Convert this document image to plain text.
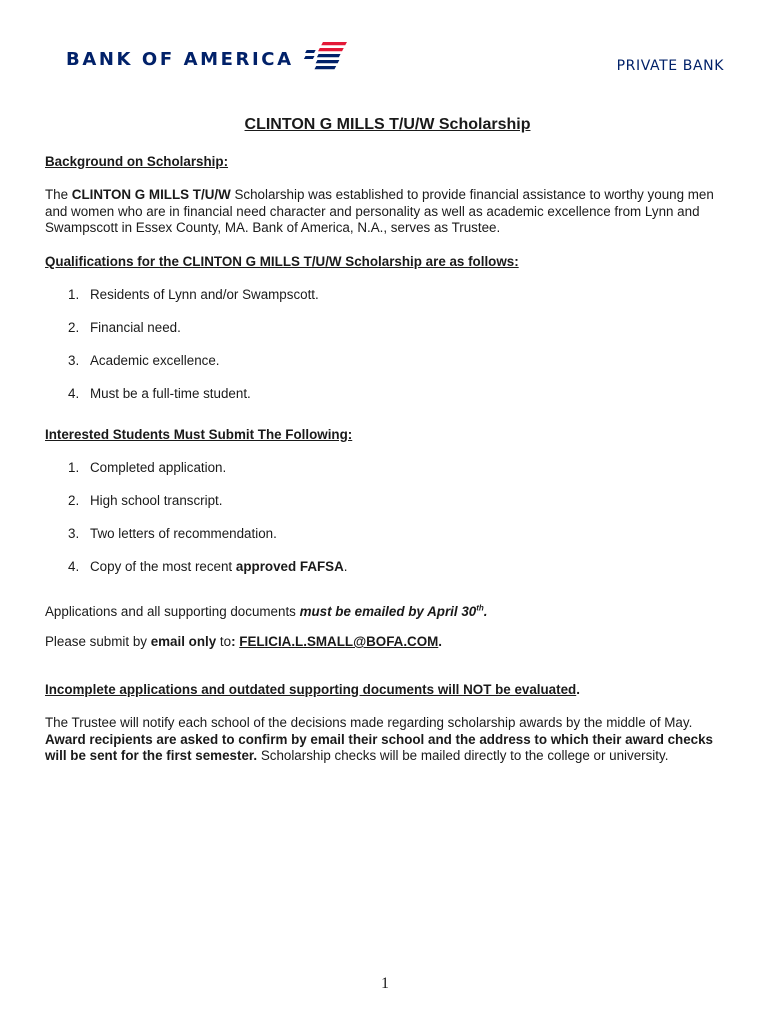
BANK OF AMERICA	PRIVATE BANK
CLINTON G MILLS T/U/W Scholarship
Background on Scholarship:

The CLINTON G MILLS T/U/W Scholarship was established to provide financial assistance to worthy young men and women who are in financial need character and personality as well as academic excellence from Lynn and Swampscott in Essex County, MA. Bank of America, N.A., serves as Trustee.

Qualifications for the CLINTON G MILLS T/U/W Scholarship are as follows:
1. Residents of Lynn and/or Swampscott.
2. Financial need.
3. Academic excellence.
4. Must be a full-time student.
Interested Students Must Submit The Following:
1. Completed application.
2. High school transcript.
3. Two letters of recommendation.
4. Copy of the most recent approved FAFSA.

Applications and all supporting documents must be emailed by April 30th.

Please submit by email only to: FELICIA.L.SMALL@BOFA.COM.

Incomplete applications and outdated supporting documents will NOT be evaluated.

The Trustee will notify each school of the decisions made regarding scholarship awards by the middle of May. Award recipients are asked to confirm by email their school and the address to which their award checks will be sent for the first semester. Scholarship checks will be mailed directly to the college or university.

1
